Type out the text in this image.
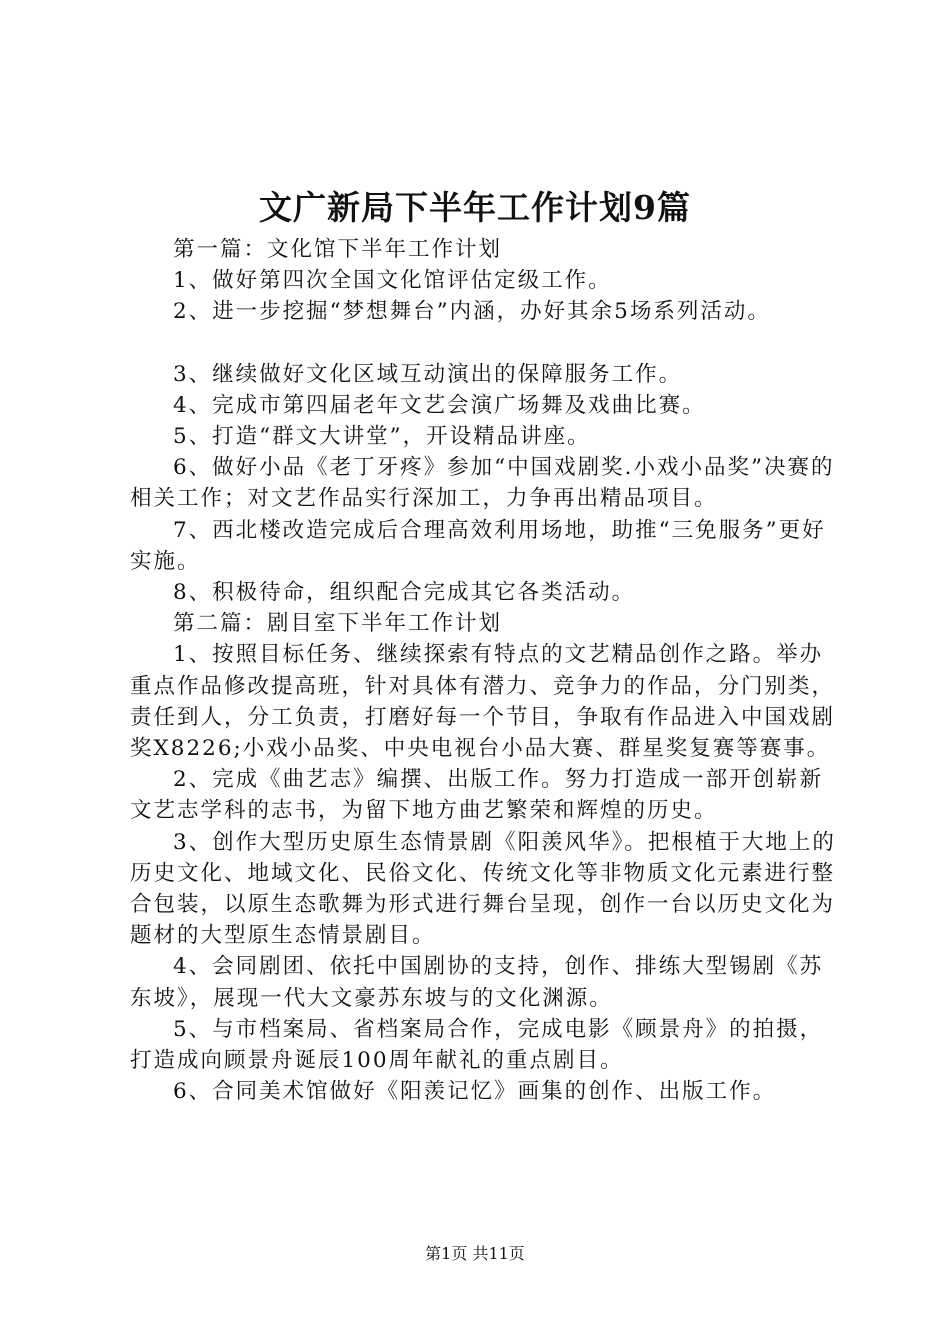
文广新局下半年工作计划9篇

第一篇：文化馆下半年工作计划

1、做好第四次全国文化馆评估定级工作。

2、进一步挖掘“梦想舞台”内涵，办好其余5场系列活动。

3、继续做好文化区域互动演出的保障服务工作。

4、完成市第四届老年文艺会演广场舞及戏曲比赛。

5、打造“群文大讲堂”，开设精品讲座。

6、做好小品《老丁牙疼》参加“中国戏剧奖.小戏小品奖”决赛的相关工作；对文艺作品实行深加工，力争再出精品项目。

7、西北楼改造完成后合理高效利用场地，助推“三免服务”更好实施。

8、积极待命，组织配合完成其它各类活动。

第二篇：剧目室下半年工作计划

1、按照目标任务、继续探索有特点的文艺精品创作之路。举办重点作品修改提高班，针对具体有潜力、竞争力的作品，分门别类，责任到人，分工负责，打磨好每一个节目，争取有作品进入中国戏剧奖X8226;小戏小品奖、中央电视台小品大赛、群星奖复赛等赛事。

2、完成《曲艺志》编撰、出版工作。努力打造成一部开创崭新文艺志学科的志书，为留下地方曲艺繁荣和辉煌的历史。

3、创作大型历史原生态情景剧《阳羡风华》。把根植于大地上的历史文化、地域文化、民俗文化、传统文化等非物质文化元素进行整合包装，以原生态歌舞为形式进行舞台呈现，创作一台以历史文化为题材的大型原生态情景剧目。

4、会同剧团、依托中国剧协的支持，创作、排练大型锡剧《苏东坡》，展现一代大文豪苏东坡与的文化渊源。

5、与市档案局、省档案局合作，完成电影《顾景舟》的拍摄，打造成向顾景舟诞辰100周年献礼的重点剧目。

6、合同美术馆做好《阳羡记忆》画集的创作、出版工作。

第1页 共11页
